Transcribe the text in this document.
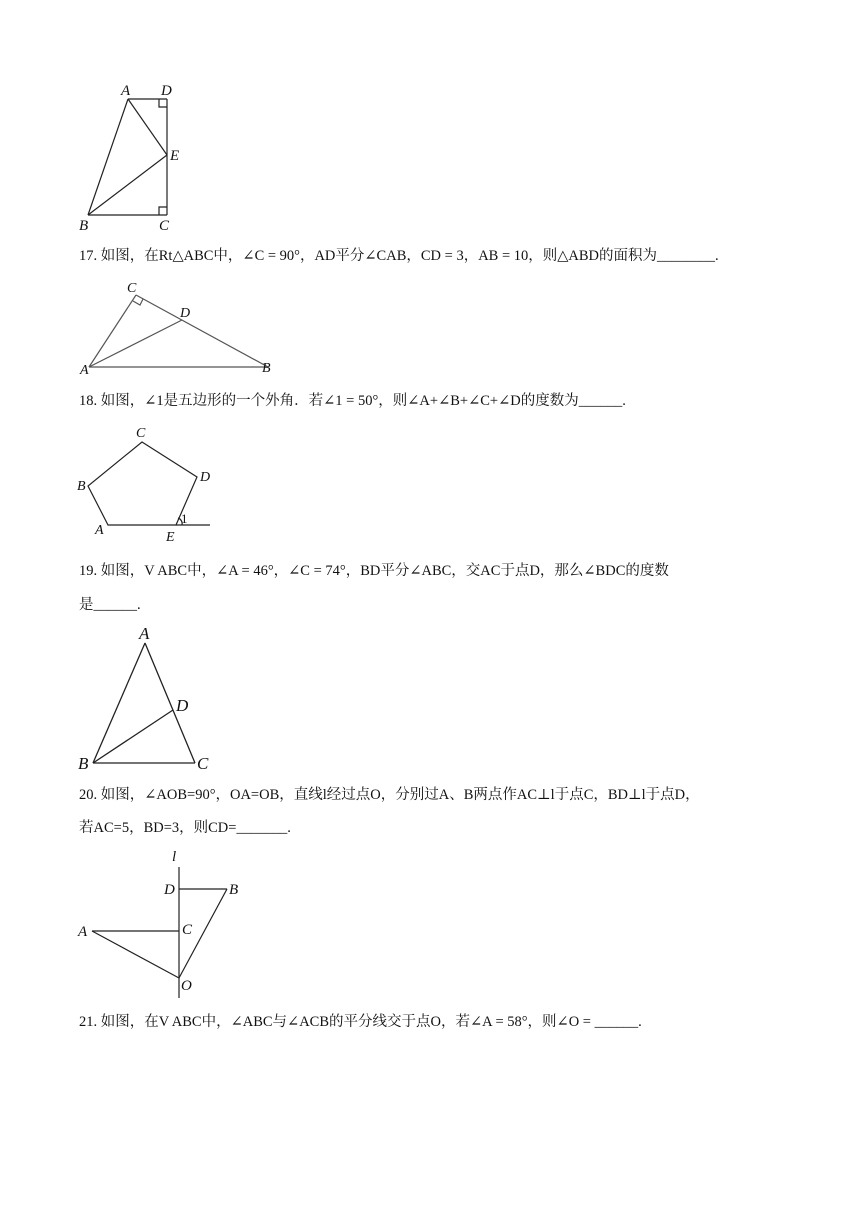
A D
E
B	C
17. 如图，在Rt△ABC中，∠C = 90°，AD平分∠CAB，CD = 3，AB = 10，则△ABD的面积为________.
C
D
A	B
18. 如图，∠1是五边形的一个外角．若∠1 = 50°，则∠A+∠B+∠C+∠D的度数为______.
C
D
B
A	E
1
19. 如图，V ABC中，∠A = 46°，∠C = 74°，BD平分∠ABC，交AC于点D，那么∠BDC的度数
是______.
A
D
B	C
20. 如图，∠AOB=90°，OA=OB，直线l经过点O，分别过A、B两点作AC⊥l于点C，BD⊥l于点D，
若AC=5，BD=3，则CD=_______.
l
D	B
A	C
O
21. 如图，在V ABC中，∠ABC与∠ACB的平分线交于点O，若∠A = 58°，则∠O = ______.
